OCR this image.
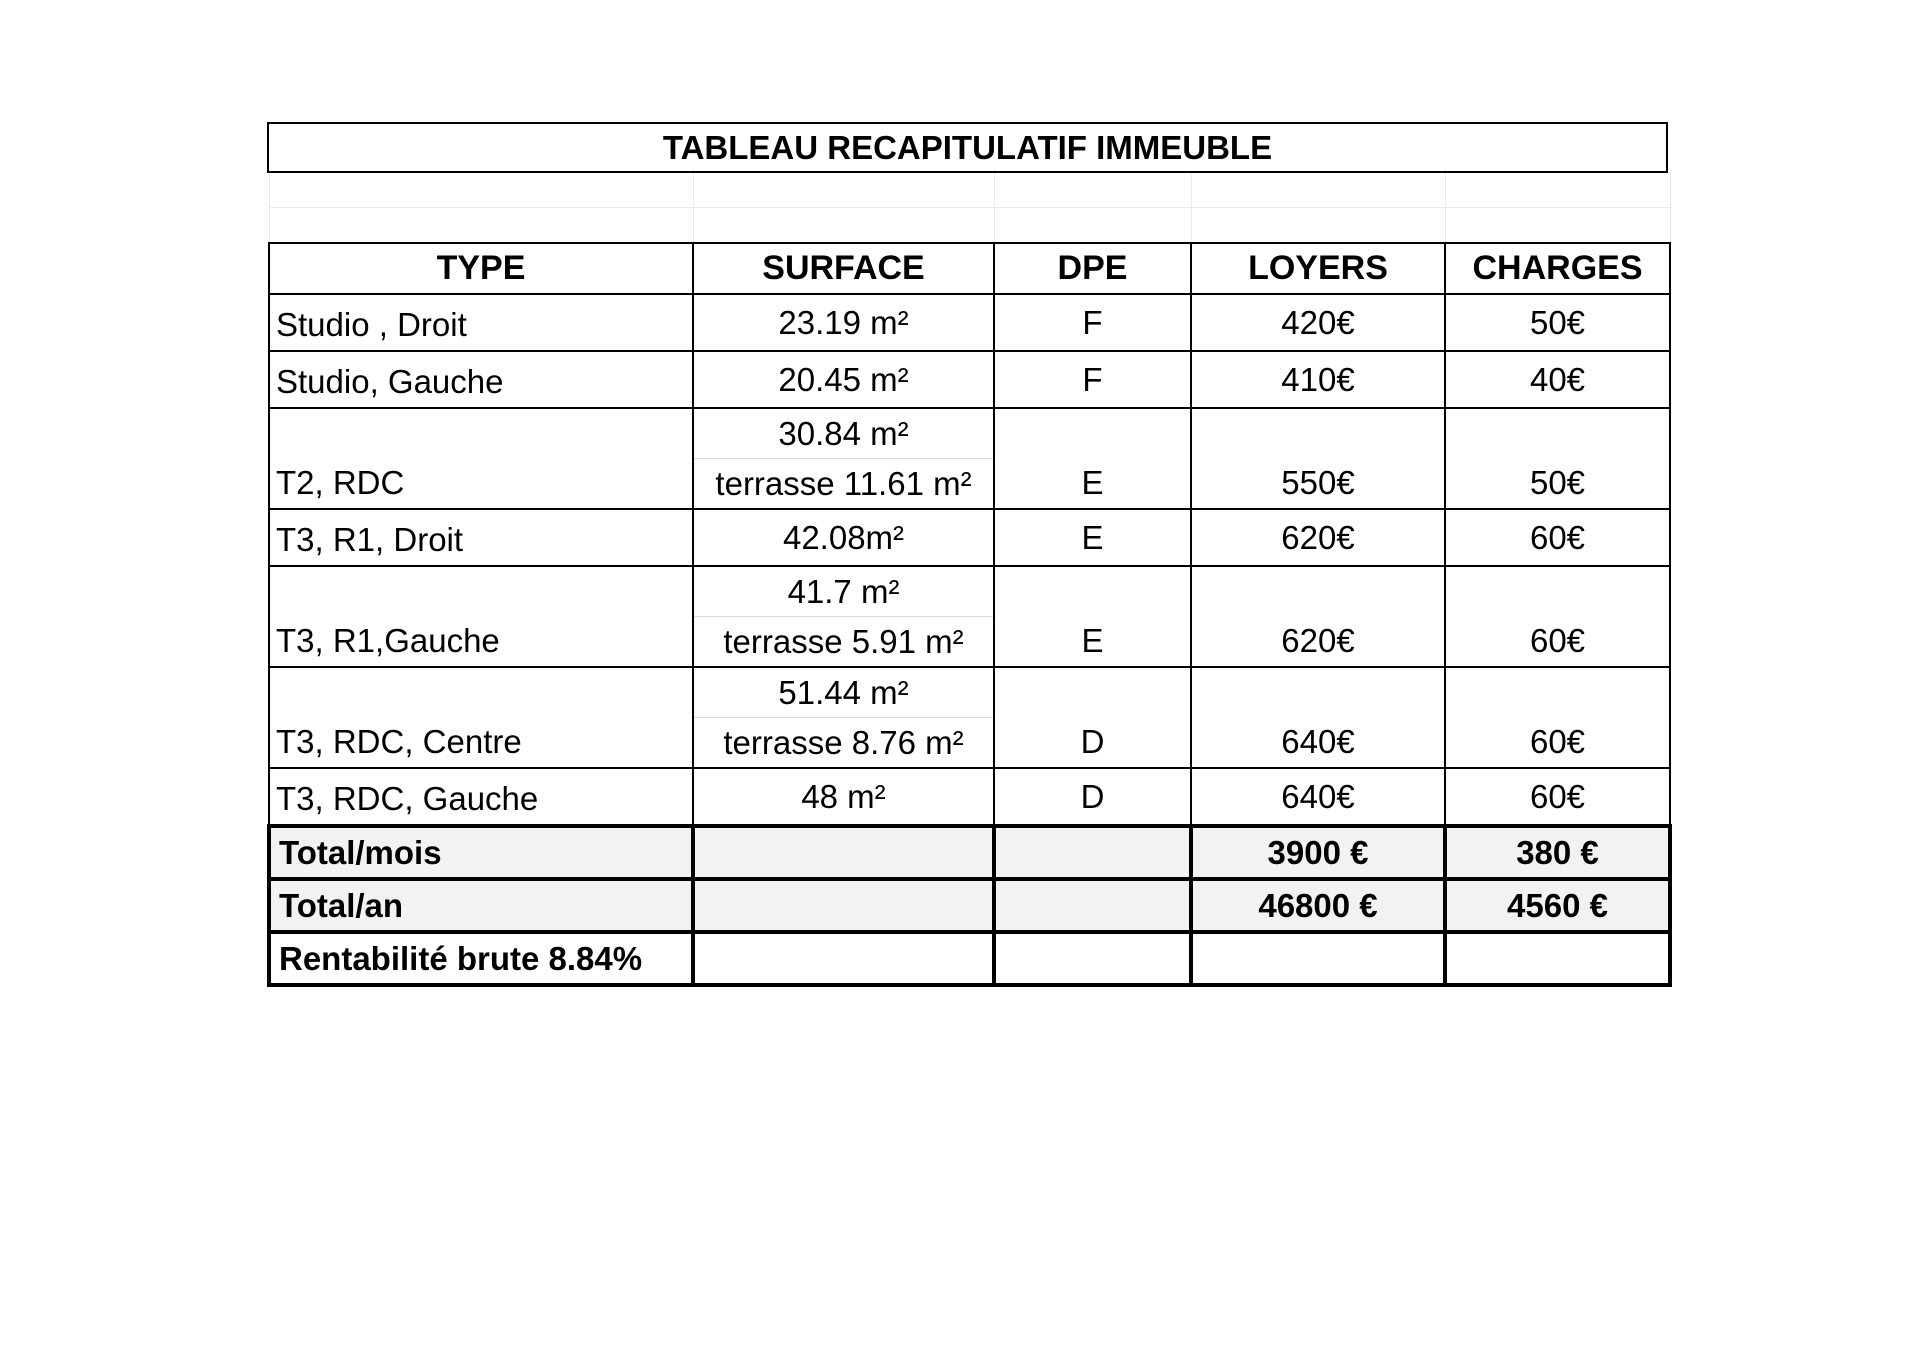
TABLEAU RECAPITULATIF IMMEUBLE

TYPE	SURFACE	DPE	LOYERS	CHARGES
Studio , Droit	23.19 m²	F	420€	50€
Studio, Gauche	20.45 m²	F	410€	40€
T2, RDC	30.84 m²	E	550€	50€
	terrasse 11.61 m²			
T3, R1, Droit	42.08m²	E	620€	60€
T3, R1,Gauche	41.7 m²	E	620€	60€
	terrasse 5.91 m²			
T3, RDC, Centre	51.44 m²	D	640€	60€
	terrasse 8.76 m²			
T3, RDC, Gauche	48 m²	D	640€	60€
Total/mois			3900 €	380 €
Total/an			46800 €	4560 €
Rentabilité brute 8.84%				
